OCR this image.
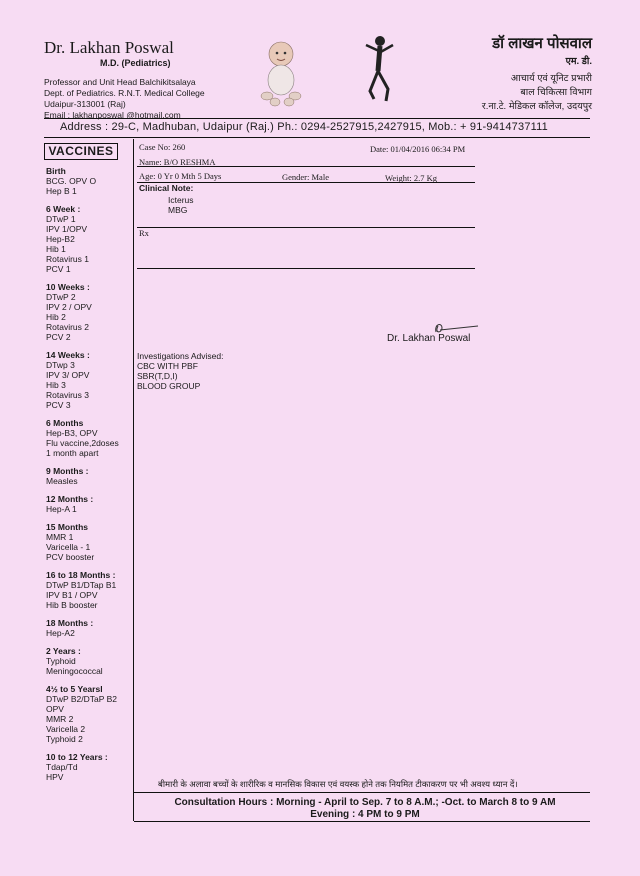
Dr. Lakhan Poswal
M.D. (Pediatrics)
Professor and Unit Head Balchikitsalaya
Dept. of Pediatrics. R.N.T. Medical College
Udaipur-313001 (Raj)
Email : lakhanposwal @hotmail.com
डॉ लाखन पोसवाल
एम. डी.
आचार्य एवं यूनिट प्रभारी
बाल चिकित्सा विभाग
र.ना.टे. मेडिकल कॉलेज, उदयपुर
Address : 29-C, Madhuban, Udaipur (Raj.) Ph.: 0294-2527915,2427915, Mob.: + 91-9414737111
VACCINES
Birth
BCG. OPV O
Hep B 1
6 Week :
DTwP 1
IPV 1/OPV
Hep-B2
Hib 1
Rotavirus 1
PCV 1
10 Weeks :
DTwP 2
IPV 2 / OPV
Hib 2
Rotavirus 2
PCV 2
14 Weeks :
DTwp 3
IPV 3/ OPV
Hib 3
Rotavirus 3
PCV 3
6 Months
Hep-B3, OPV
Flu vaccine,2doses
1 month apart
9 Months :
Measles
12 Months :
Hep-A 1
15 Months
MMR 1
Varicella - 1
PCV booster
16 to 18 Months :
DTwP B1/DTap B1
IPV B1 / OPV
Hib B booster
18 Months :
Hep-A2
2 Years :
Typhoid
Meningococcal
4½ to 5 Yearsl
DTwP B2/DTaP B2
OPV
MMR 2
Varicella 2
Typhoid 2
10 to 12 Years :
Tdap/Td
HPV
Case No: 260	Date: 01/04/2016 06:34 PM
Name: B/O RESHMA
Age: 0 Yr 0 Mth 5 Days	Gender: Male	Weight: 2.7 Kg
Clinical Note:
Icterus
MBG
Rx
Dr. Lakhan Poswal
Investigations Advised:
CBC WITH PBF
SBR(T,D,I)
BLOOD GROUP
बीमारी के अलावा बच्चों के शारीरिक व मानसिक विकास एवं वयस्क होने तक नियमित टीकाकरण पर भी अवश्य ध्यान दें।
Consultation Hours : Morning - April to Sep. 7 to 8 A.M.; -Oct. to March 8 to 9 AM
Evening : 4 PM to 9 PM
